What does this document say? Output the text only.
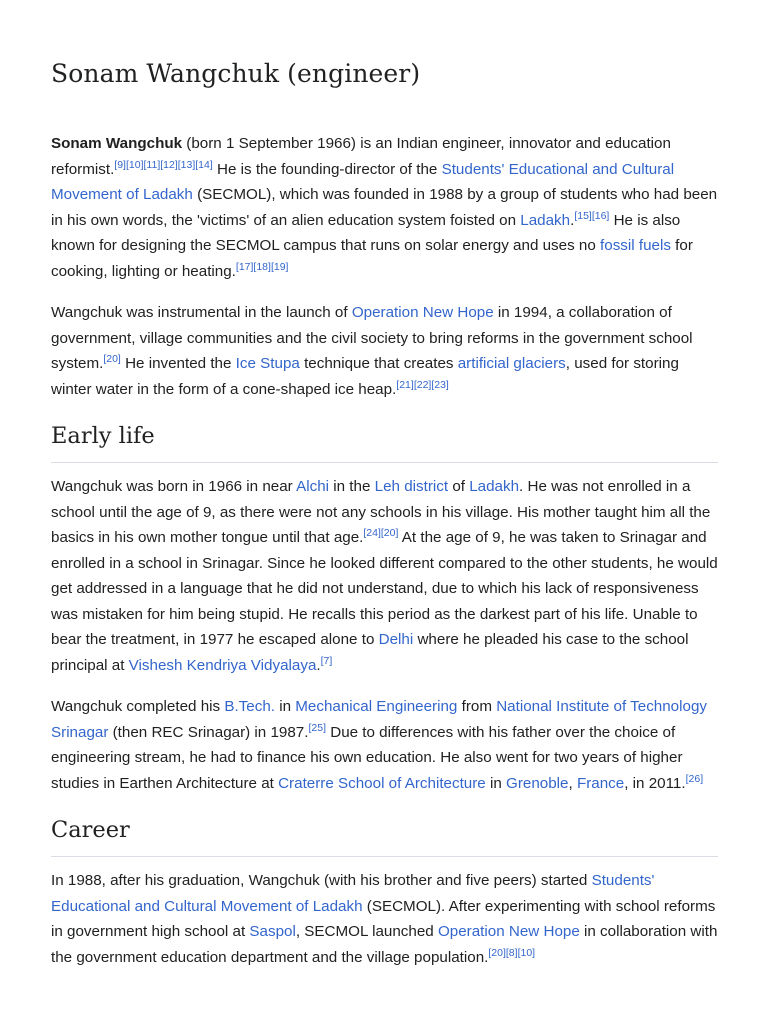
Sonam Wangchuk (engineer)

Sonam Wangchuk (born 1 September 1966) is an Indian engineer, innovator and education reformist.[9][10][11][12][13][14] He is the founding-director of the Students' Educational and Cultural Movement of Ladakh (SECMOL), which was founded in 1988 by a group of students who had been in his own words, the 'victims' of an alien education system foisted on Ladakh.[15][16] He is also known for designing the SECMOL campus that runs on solar energy and uses no fossil fuels for cooking, lighting or heating.[17][18][19]

Wangchuk was instrumental in the launch of Operation New Hope in 1994, a collaboration of government, village communities and the civil society to bring reforms in the government school system.[20] He invented the Ice Stupa technique that creates artificial glaciers, used for storing winter water in the form of a cone-shaped ice heap.[21][22][23]

Early life

Wangchuk was born in 1966 in near Alchi in the Leh district of Ladakh. He was not enrolled in a school until the age of 9, as there were not any schools in his village. His mother taught him all the basics in his own mother tongue until that age.[24][20] At the age of 9, he was taken to Srinagar and enrolled in a school in Srinagar. Since he looked different compared to the other students, he would get addressed in a language that he did not understand, due to which his lack of responsiveness was mistaken for him being stupid. He recalls this period as the darkest part of his life. Unable to bear the treatment, in 1977 he escaped alone to Delhi where he pleaded his case to the school principal at Vishesh Kendriya Vidyalaya.[7]

Wangchuk completed his B.Tech. in Mechanical Engineering from National Institute of Technology Srinagar (then REC Srinagar) in 1987.[25] Due to differences with his father over the choice of engineering stream, he had to finance his own education. He also went for two years of higher studies in Earthen Architecture at Craterre School of Architecture in Grenoble, France, in 2011.[26]

Career

In 1988, after his graduation, Wangchuk (with his brother and five peers) started Students' Educational and Cultural Movement of Ladakh (SECMOL). After experimenting with school reforms in government high school at Saspol, SECMOL launched Operation New Hope in collaboration with the government education department and the village population.[20][8][10]
